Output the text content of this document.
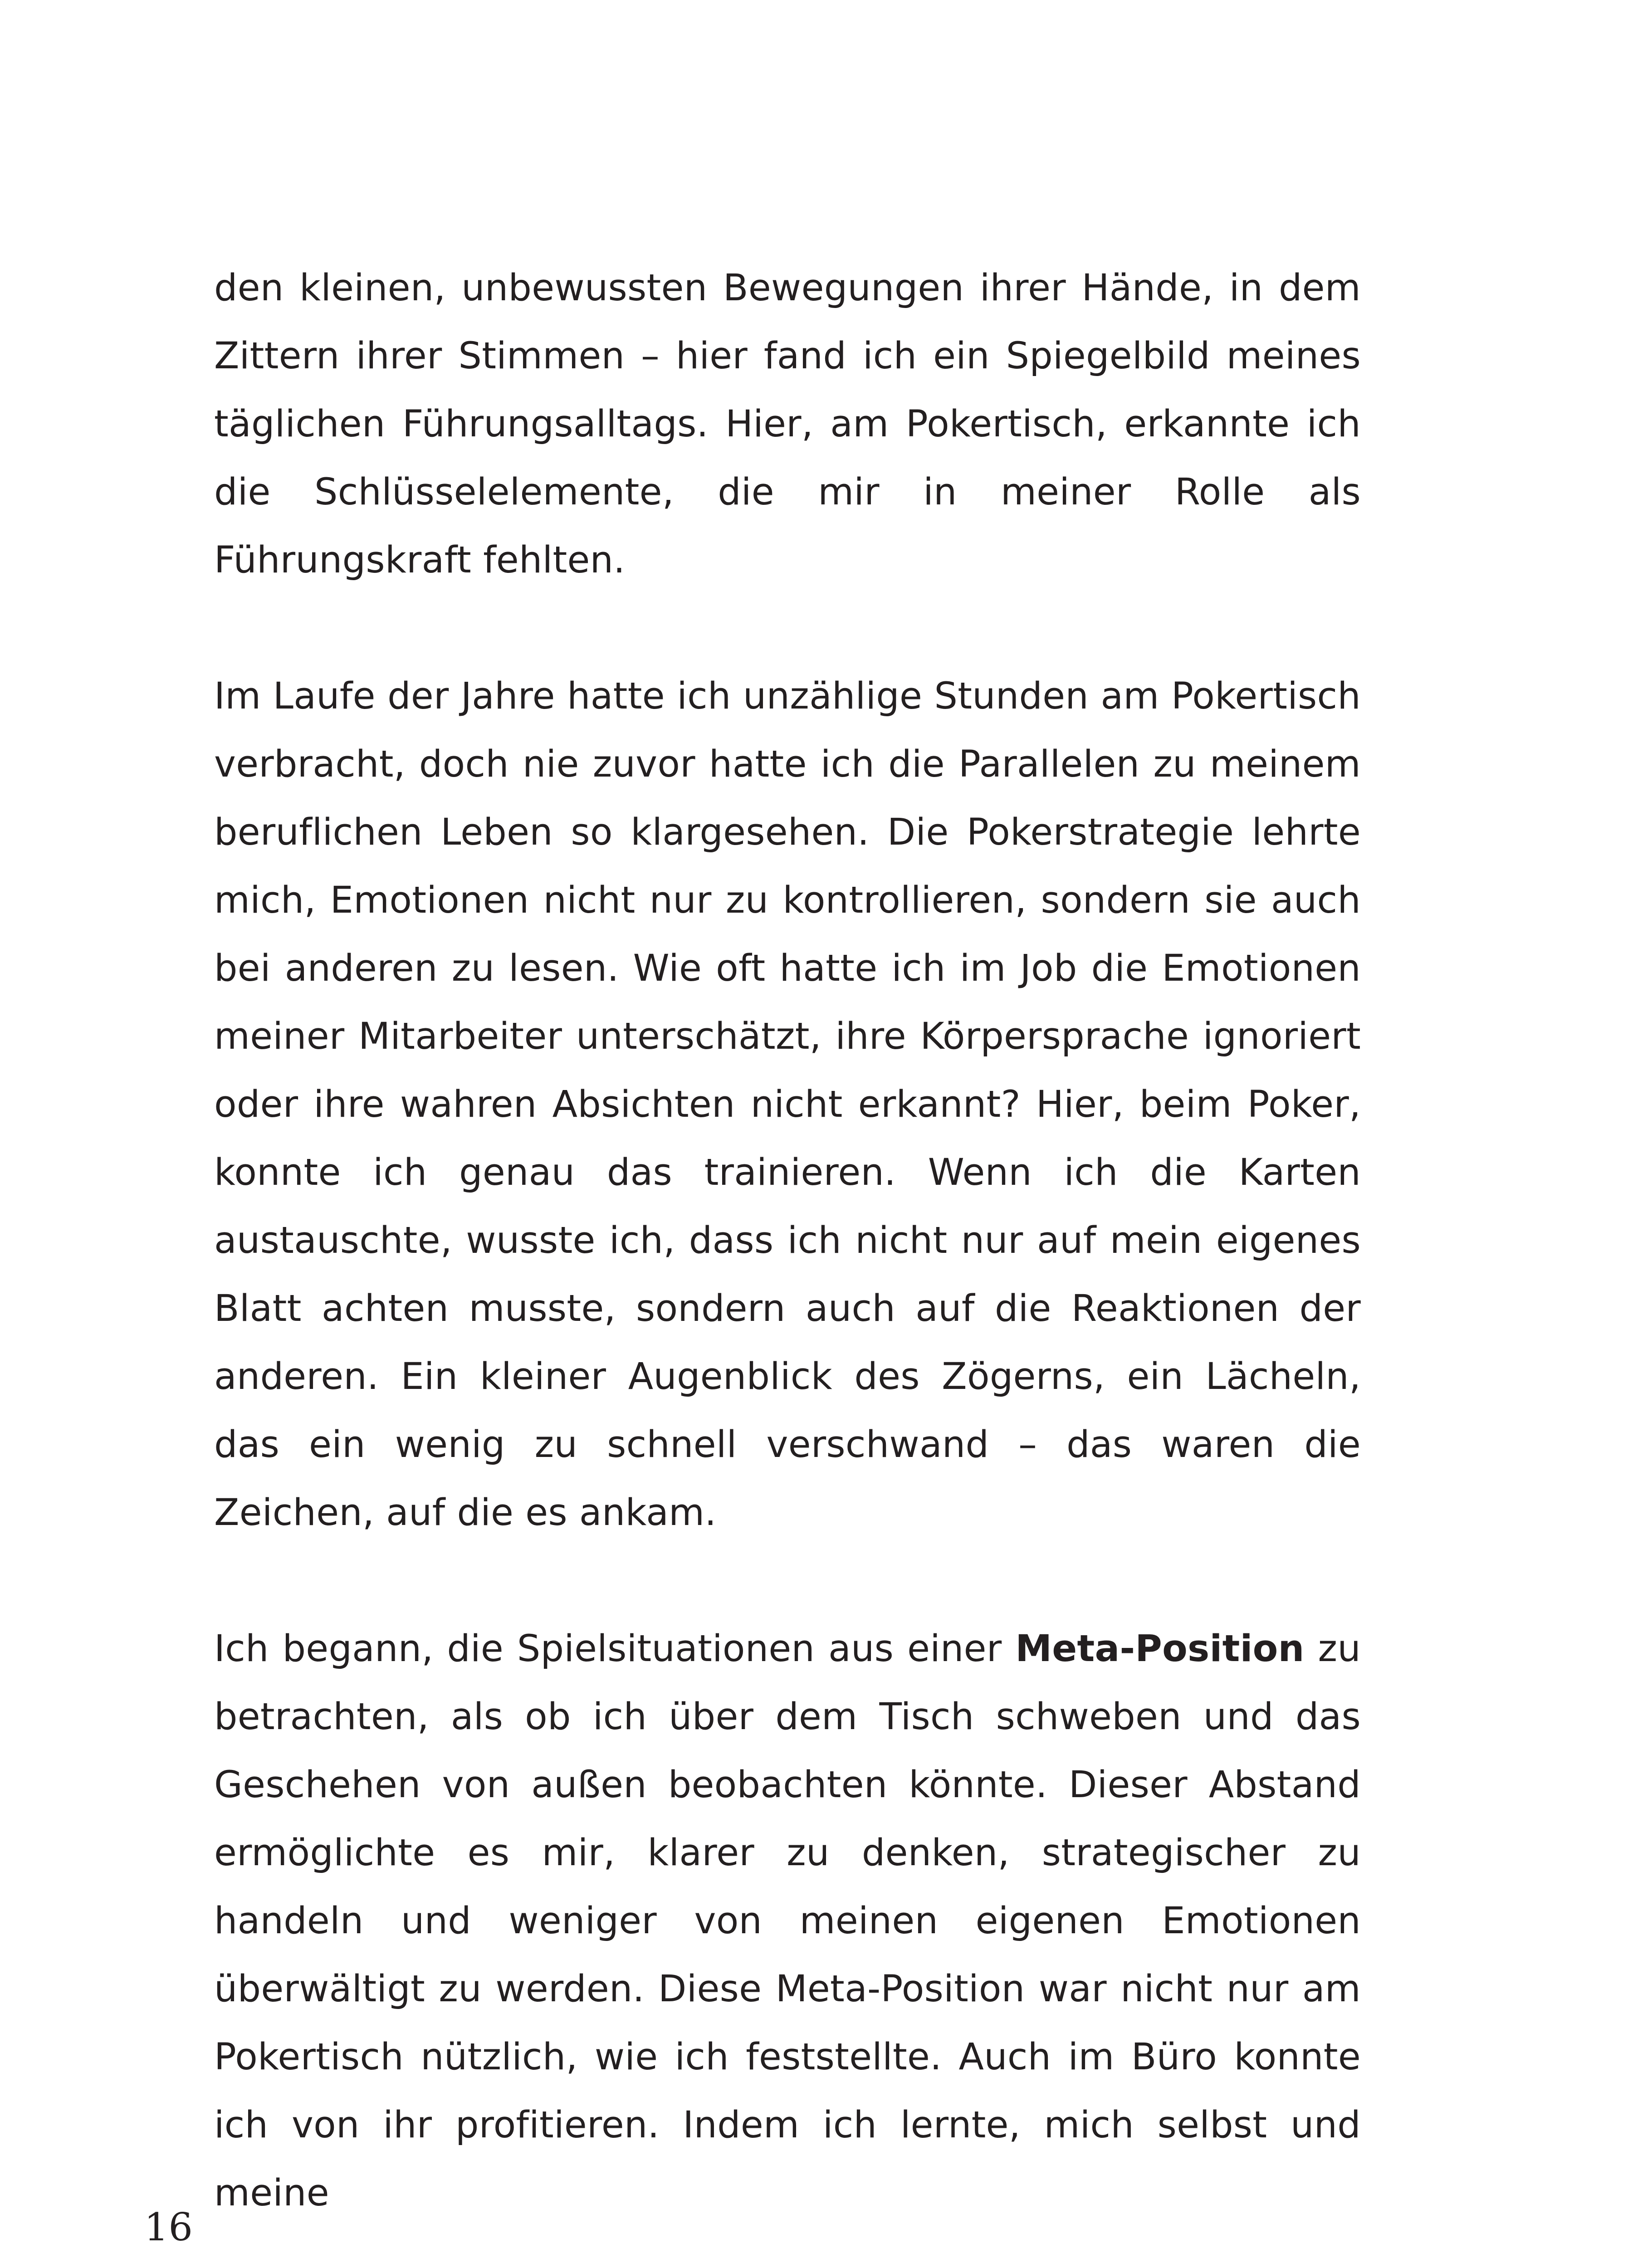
den kleinen, unbewussten Bewegungen ihrer Hände, in dem Zittern ihrer Stimmen – hier fand ich ein Spiegelbild meines täglichen Führungsalltags. Hier, am Pokertisch, erkannte ich die Schlüsselelemente, die mir in meiner Rolle als Führungskraft fehlten.

Im Laufe der Jahre hatte ich unzählige Stunden am Pokertisch verbracht, doch nie zuvor hatte ich die Parallelen zu meinem beruflichen Leben so klargesehen. Die Pokerstrategie lehrte mich, Emotionen nicht nur zu kontrollieren, sondern sie auch bei anderen zu lesen. Wie oft hatte ich im Job die Emotionen meiner Mitarbeiter unterschätzt, ihre Körpersprache ignoriert oder ihre wahren Absichten nicht erkannt? Hier, beim Poker, konnte ich genau das trainieren. Wenn ich die Karten austauschte, wusste ich, dass ich nicht nur auf mein eigenes Blatt achten musste, sondern auch auf die Reaktionen der anderen. Ein kleiner Augenblick des Zögerns, ein Lächeln, das ein wenig zu schnell verschwand – das waren die Zeichen, auf die es ankam.

Ich begann, die Spielsituationen aus einer Meta-Position zu betrachten, als ob ich über dem Tisch schweben und das Geschehen von außen beobachten könnte. Dieser Abstand ermöglichte es mir, klarer zu denken, strategischer zu handeln und weniger von meinen eigenen Emotionen überwältigt zu werden. Diese Meta-Position war nicht nur am Pokertisch nützlich, wie ich feststellte. Auch im Büro konnte ich von ihr profitieren. Indem ich lernte, mich selbst und meine

16
